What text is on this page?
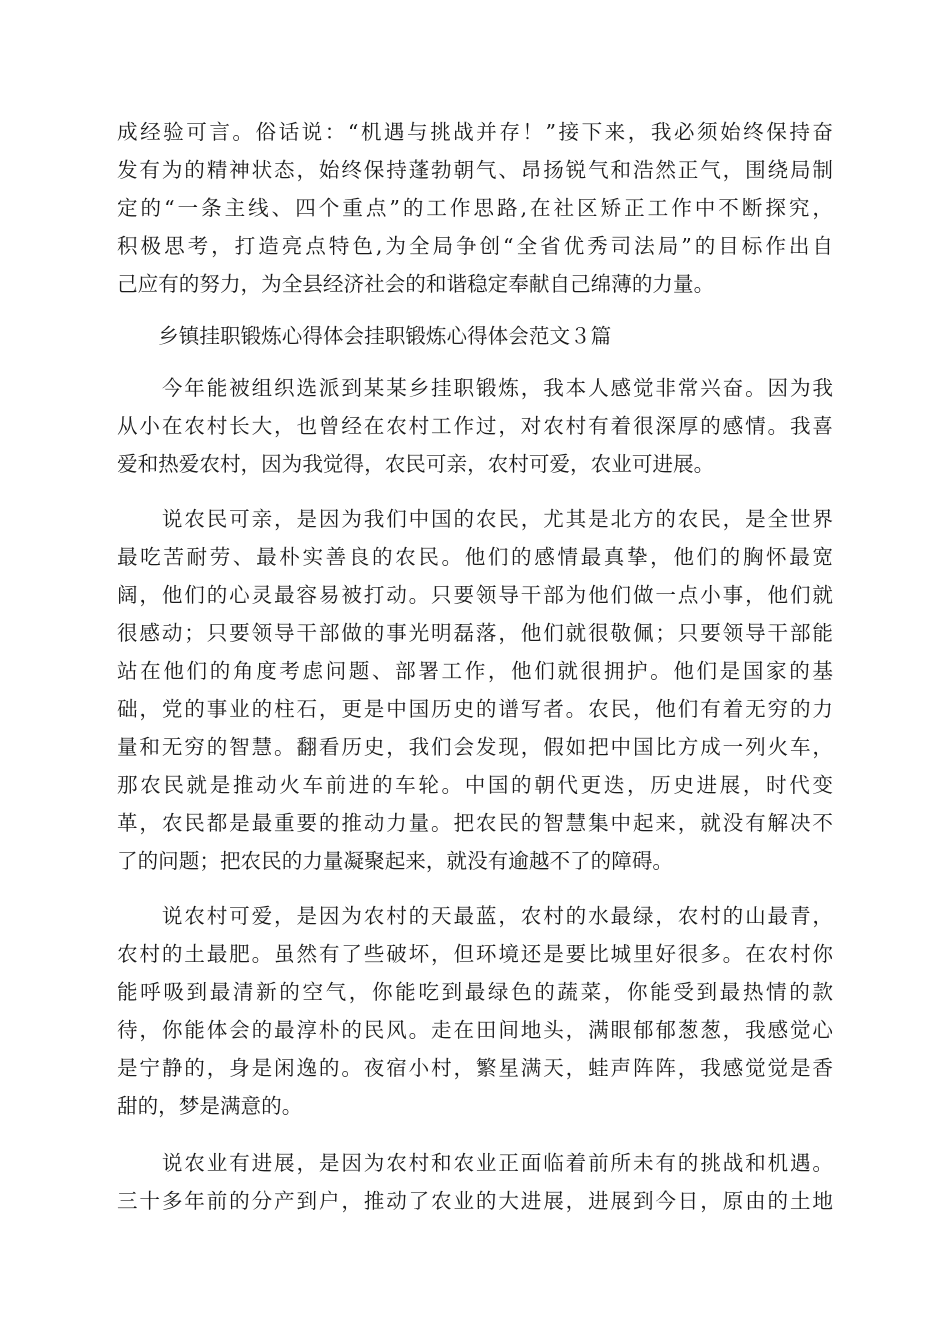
成经验可言。俗话说：“机遇与挑战并存！”接下来，我必须始终保持奋
发有为的精神状态，始终保持蓬勃朝气、昂扬锐气和浩然正气，围绕局制
定的“一条主线、四个重点”的工作思路,在社区矫正工作中不断探究，
积极思考，打造亮点特色,为全局争创“全省优秀司法局”的目标作出自
己应有的努力，为全县经济社会的和谐稳定奉献自己绵薄的力量。
　　乡镇挂职锻炼心得体会挂职锻炼心得体会范文３篇
　　今年能被组织选派到某某乡挂职锻炼，我本人感觉非常兴奋。因为我
从小在农村长大，也曾经在农村工作过，对农村有着很深厚的感情。我喜
爱和热爱农村，因为我觉得，农民可亲，农村可爱，农业可进展。
　　说农民可亲，是因为我们中国的农民，尤其是北方的农民，是全世界
最吃苦耐劳、最朴实善良的农民。他们的感情最真挚，他们的胸怀最宽
阔，他们的心灵最容易被打动。只要领导干部为他们做一点小事，他们就
很感动；只要领导干部做的事光明磊落，他们就很敬佩；只要领导干部能
站在他们的角度考虑问题、部署工作，他们就很拥护。他们是国家的基
础，党的事业的柱石，更是中国历史的谱写者。农民，他们有着无穷的力
量和无穷的智慧。翻看历史，我们会发现，假如把中国比方成一列火车，
那农民就是推动火车前进的车轮。中国的朝代更迭，历史进展，时代变
革，农民都是最重要的推动力量。把农民的智慧集中起来，就没有解决不
了的问题；把农民的力量凝聚起来，就没有逾越不了的障碍。
　　说农村可爱，是因为农村的天最蓝，农村的水最绿，农村的山最青，
农村的土最肥。虽然有了些破坏，但环境还是要比城里好很多。在农村你
能呼吸到最清新的空气，你能吃到最绿色的蔬菜，你能受到最热情的款
待，你能体会的最淳朴的民风。走在田间地头，满眼郁郁葱葱，我感觉心
是宁静的，身是闲逸的。夜宿小村，繁星满天，蛙声阵阵，我感觉觉是香
甜的，梦是满意的。
　　说农业有进展，是因为农村和农业正面临着前所未有的挑战和机遇。
三十多年前的分产到户，推动了农业的大进展，进展到今日，原由的土地
